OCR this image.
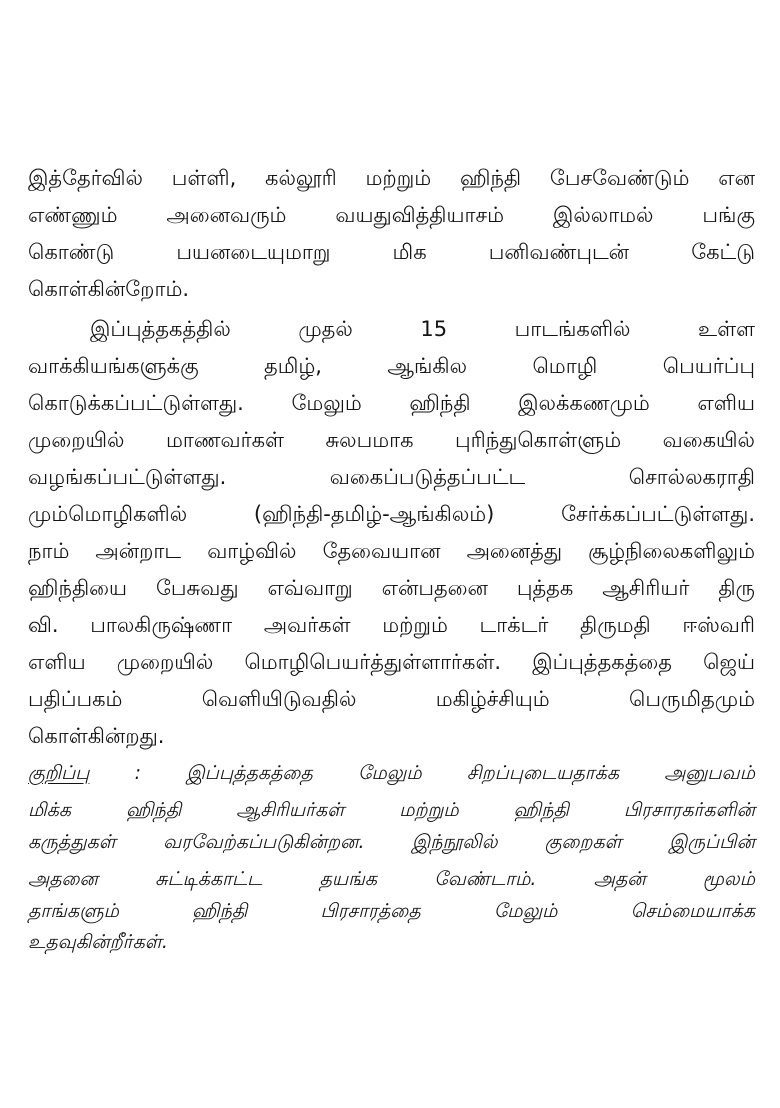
இத்தேர்வில் பள்ளி, கல்லூரி மற்றும் ஹிந்தி பேசவேண்டும் என
எண்ணும் அனைவரும் வயதுவித்தியாசம் இல்லாமல் பங்கு
கொண்டு பயனடையுமாறு மிக பனிவண்புடன் கேட்டு
கொள்கின்றோம்.
இப்புத்தகத்தில் முதல் 15 பாடங்களில் உள்ள
வாக்கியங்களுக்கு தமிழ், ஆங்கில மொழி பெயர்ப்பு
கொடுக்கப்பட்டுள்ளது. மேலும் ஹிந்தி இலக்கணமும் எளிய
முறையில் மாணவர்கள் சுலபமாக புரிந்துகொள்ளும் வகையில்
வழங்கப்பட்டுள்ளது. வகைப்படுத்தப்பட்ட சொல்லகராதி
மும்மொழிகளில் (ஹிந்தி-தமிழ்-ஆங்கிலம்) சேர்க்கப்பட்டுள்ளது.
நாம் அன்றாட வாழ்வில் தேவையான அனைத்து சூழ்நிலைகளிலும்
ஹிந்தியை பேசுவது எவ்வாறு என்பதனை புத்தக ஆசிரியர் திரு
வி. பாலகிருஷ்ணா அவர்கள் மற்றும் டாக்டர் திருமதி ஈஸ்வரி
எளிய முறையில் மொழிபெயர்த்துள்ளார்கள். இப்புத்தகத்தை ஜெய்
பதிப்பகம் வெளியிடுவதில் மகிழ்ச்சியும் பெருமிதமும்
கொள்கின்றது.
குறிப்பு : இப்புத்தகத்தை மேலும் சிறப்புடையதாக்க அனுபவம்
மிக்க ஹிந்தி ஆசிரியர்கள் மற்றும் ஹிந்தி பிரசாரகர்களின்
கருத்துகள் வரவேற்கப்படுகின்றன. இந்நூலில் குறைகள் இருப்பின்
அதனை சுட்டிக்காட்ட தயங்க வேண்டாம். அதன் மூலம்
தாங்களும் ஹிந்தி பிரசாரத்தை மேலும் செம்மையாக்க
உதவுகின்றீர்கள்.
